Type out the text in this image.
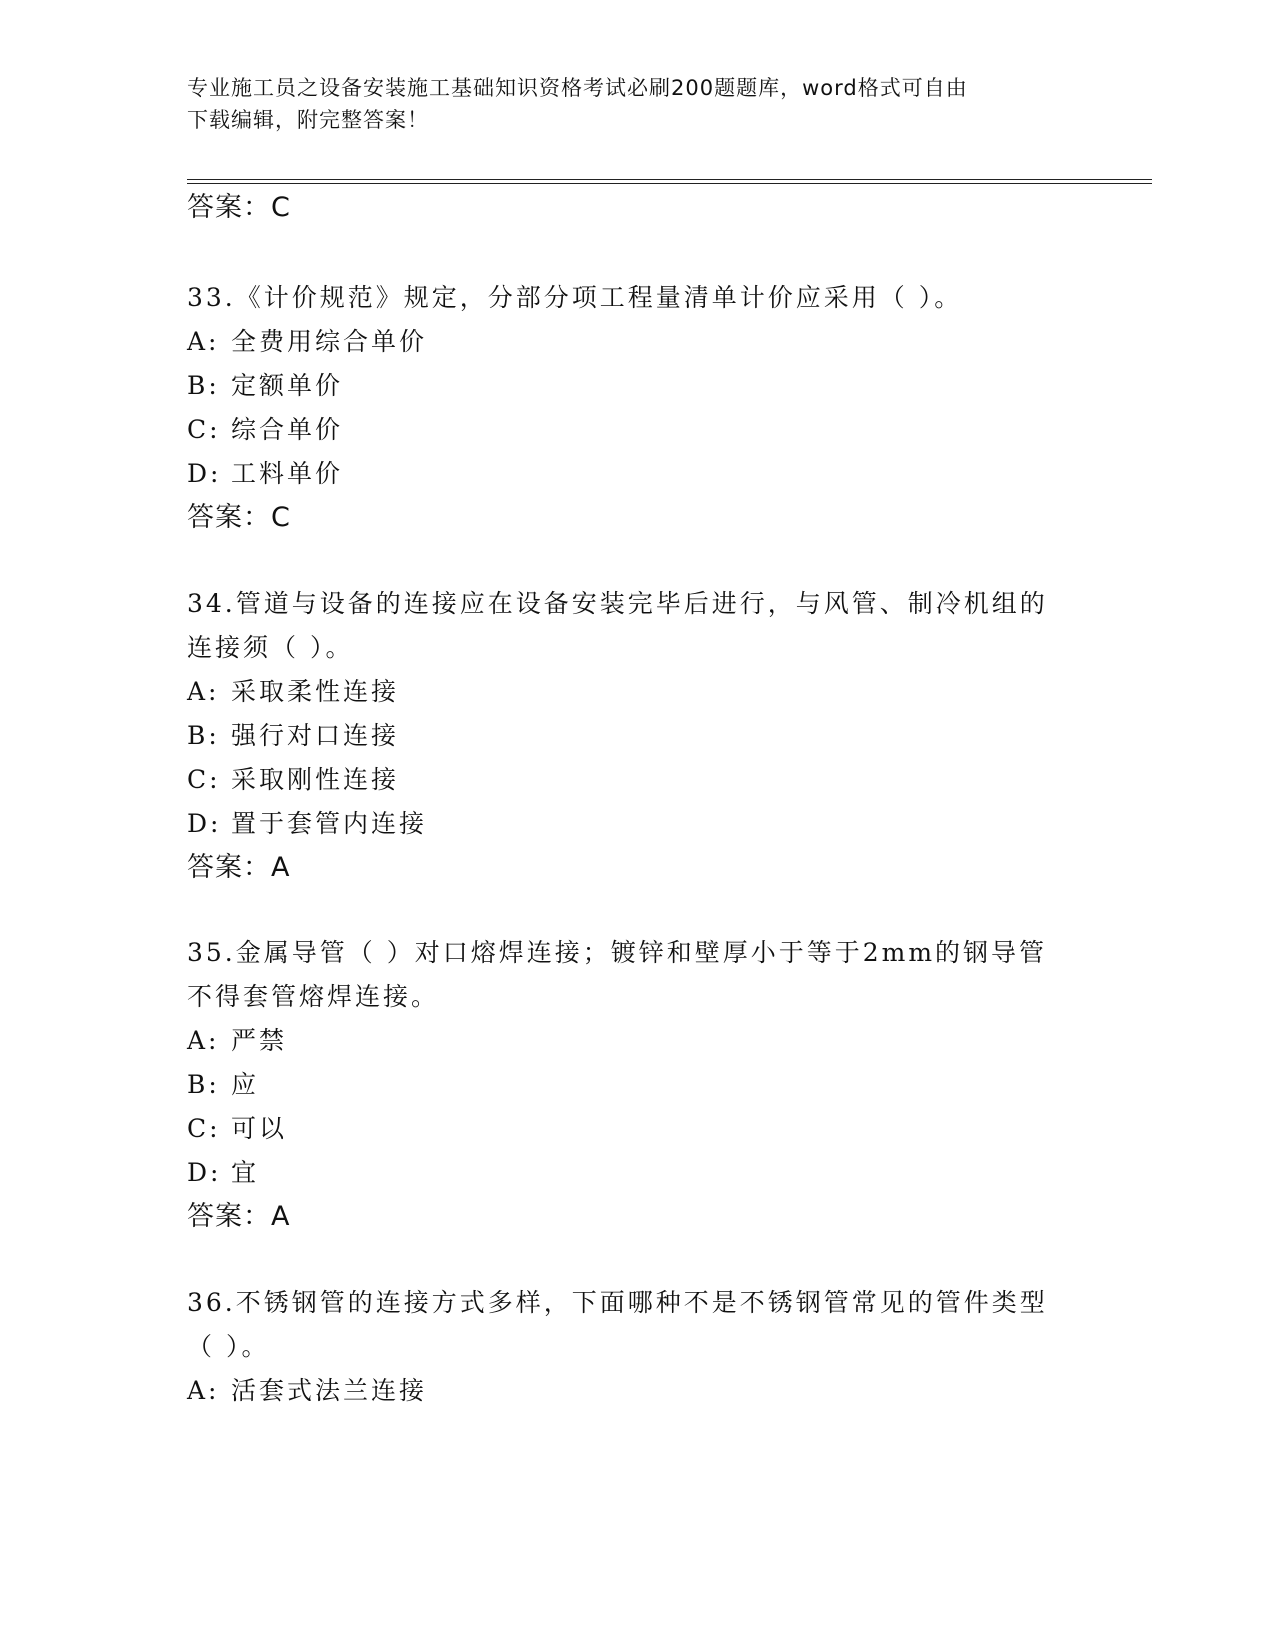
专业施工员之设备安装施工基础知识资格考试必刷200题题库，word格式可自由
下载编辑，附完整答案！
答案：C
33.《计价规范》规定，分部分项工程量清单计价应采用（ ）。
A: 全费用综合单价
B: 定额单价
C: 综合单价
D: 工料单价
答案：C
34.管道与设备的连接应在设备安装完毕后进行，与风管、制冷机组的
连接须（ ）。
A: 采取柔性连接
B: 强行对口连接
C: 采取刚性连接
D: 置于套管内连接
答案：A
35.金属导管（ ）对口熔焊连接；镀锌和壁厚小于等于2mm的钢导管
不得套管熔焊连接。
A: 严禁
B: 应
C: 可以
D: 宜
答案：A
36.不锈钢管的连接方式多样，下面哪种不是不锈钢管常见的管件类型
（ ）。
A: 活套式法兰连接
